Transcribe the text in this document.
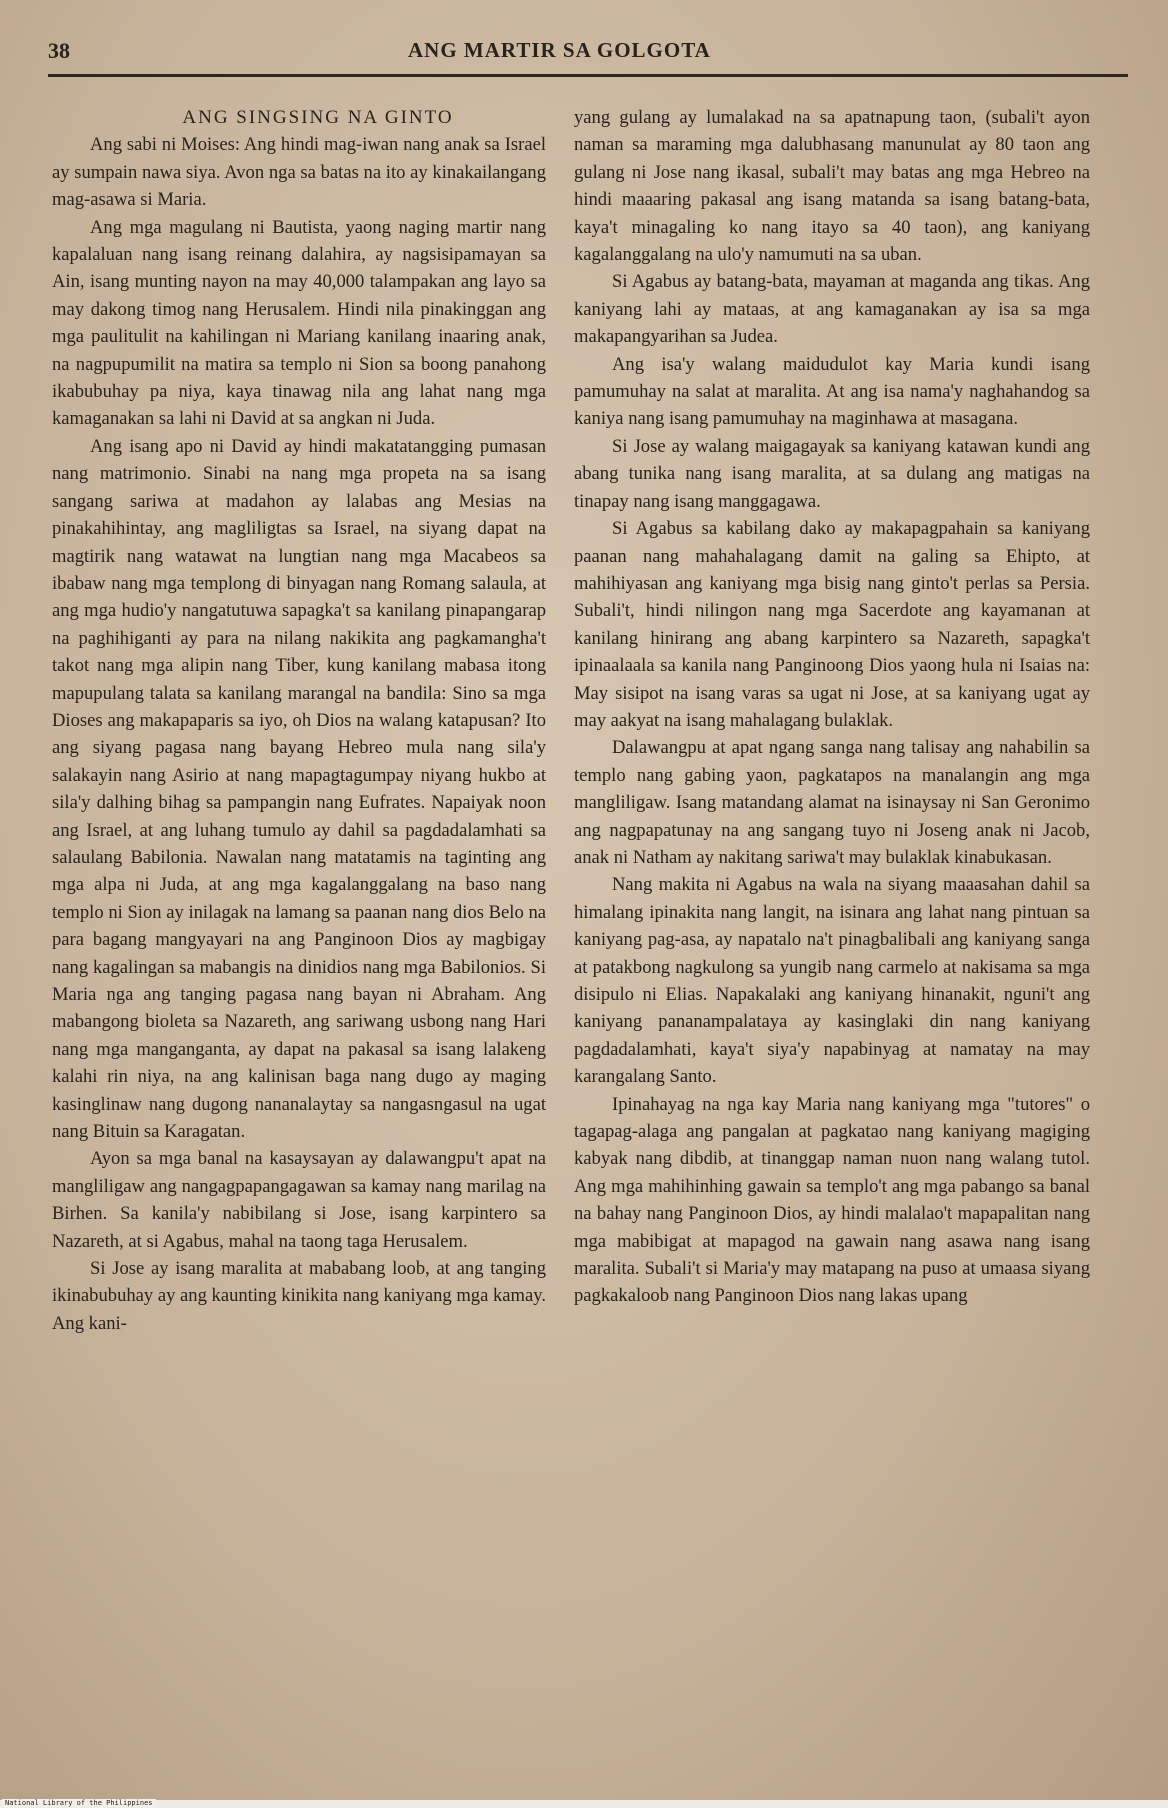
38	ANG MARTIR SA GOLGOTA

ANG SINGSING NA GINTO

Ang sabi ni Moises: Ang hindi mag-iwan nang anak sa Israel ay sumpain nawa siya. Avon nga sa batas na ito ay kinakailangang mag-asawa si Maria.

Ang mga magulang ni Bautista, yaong naging martir nang kapalaluan nang isang reinang dalahira, ay nagsisipamayan sa Ain, isang munting nayon na may 40,000 talampakan ang layo sa may dakong timog nang Herusalem. Hindi nila pinakinggan ang mga paulitulit na kahilingan ni Mariang kanilang inaaring anak, na nagpupumilit na matira sa templo ni Sion sa boong panahong ikabubuhay pa niya, kaya tinawag nila ang lahat nang mga kamaganakan sa lahi ni David at sa angkan ni Juda.

Ang isang apo ni David ay hindi makatatangging pumasan nang matrimonio. Sinabi na nang mga propeta na sa isang sangang sariwa at madahon ay lalabas ang Mesias na pinakahihintay, ang magliligtas sa Israel, na siyang dapat na magtirik nang watawat na lungtian nang mga Macabeos sa ibabaw nang mga templong di binyagan nang Romang salaula, at ang mga hudio'y nangatutuwa sapagka't sa kanilang pinapangarap na paghihiganti ay para na nilang nakikita ang pagkamangha't takot nang mga alipin nang Tiber, kung kanilang mabasa itong mapupulang talata sa kanilang marangal na bandila: Sino sa mga Dioses ang makapaparis sa iyo, oh Dios na walang katapusan? Ito ang siyang pagasa nang bayang Hebreo mula nang sila'y salakayin nang Asirio at nang mapagtagumpay niyang hukbo at sila'y dalhing bihag sa pampangin nang Eufrates. Napaiyak noon ang Israel, at ang luhang tumulo ay dahil sa pagdadalamhati sa salaulang Babilonia. Nawalan nang matatamis na taginting ang mga alpa ni Juda, at ang mga kagalanggalang na baso nang templo ni Sion ay inilagak na lamang sa paanan nang dios Belo na para bagang mangyayari na ang Panginoon Dios ay magbigay nang kagalingan sa mabangis na dinidios nang mga Babilonios. Si Maria nga ang tanging pagasa nang bayan ni Abraham. Ang mabangong bioleta sa Nazareth, ang sariwang usbong nang Hari nang mga manganganta, ay dapat na pakasal sa isang lalakeng kalahi rin niya, na ang kalinisan baga nang dugo ay maging kasinglinaw nang dugong nananalaytay sa nangasngasul na ugat nang Bituin sa Karagatan.

Ayon sa mga banal na kasaysayan ay dalawangpu't apat na mangliligaw ang nangagpapangagawan sa kamay nang marilag na Birhen. Sa kanila'y nabibilang si Jose, isang karpintero sa Nazareth, at si Agabus, mahal na taong taga Herusalem.

Si Jose ay isang maralita at mababang loob, at ang tanging ikinabubuhay ay ang kaunting kinikita nang kaniyang mga kamay. Ang kani-

yang gulang ay lumalakad na sa apatnapung taon, (subali't ayon naman sa maraming mga dalubhasang manunulat ay 80 taon ang gulang ni Jose nang ikasal, subali't may batas ang mga Hebreo na hindi maaaring pakasal ang isang matanda sa isang batang-bata, kaya't minagaling ko nang itayo sa 40 taon), ang kaniyang kagalanggalang na ulo'y namumuti na sa uban.

Si Agabus ay batang-bata, mayaman at maganda ang tikas. Ang kaniyang lahi ay mataas, at ang kamaganakan ay isa sa mga makapangyarihan sa Judea.

Ang isa'y walang maidudulot kay Maria kundi isang pamumuhay na salat at maralita. At ang isa nama'y naghahandog sa kaniya nang isang pamumuhay na maginhawa at masagana.

Si Jose ay walang maigagayak sa kaniyang katawan kundi ang abang tunika nang isang maralita, at sa dulang ang matigas na tinapay nang isang manggagawa.

Si Agabus sa kabilang dako ay makapagpahain sa kaniyang paanan nang mahahalagang damit na galing sa Ehipto, at mahihiyasan ang kaniyang mga bisig nang ginto't perlas sa Persia. Subali't, hindi nilingon nang mga Sacerdote ang kayamanan at kanilang hinirang ang abang karpintero sa Nazareth, sapagka't ipinaalaala sa kanila nang Panginoong Dios yaong hula ni Isaias na: May sisipot na isang varas sa ugat ni Jose, at sa kaniyang ugat ay may aakyat na isang mahalagang bulaklak.

Dalawangpu at apat ngang sanga nang talisay ang nahabilin sa templo nang gabing yaon, pagkatapos na manalangin ang mga mangliligaw. Isang matandang alamat na isinaysay ni San Geronimo ang nagpapatunay na ang sangang tuyo ni Joseng anak ni Jacob, anak ni Natham ay nakitang sariwa't may bulaklak kinabukasan.

Nang makita ni Agabus na wala na siyang maaasahan dahil sa himalang ipinakita nang langit, na isinara ang lahat nang pintuan sa kaniyang pag-asa, ay napatalo na't pinagbalibali ang kaniyang sanga at patakbong nagkulong sa yungib nang carmelo at nakisama sa mga disipulo ni Elias. Napakalaki ang kaniyang hinanakit, nguni't ang kaniyang pananampalataya ay kasinglaki din nang kaniyang pagdadalamhati, kaya't siya'y napabinyag at namatay na may karangalang Santo.

Ipinahayag na nga kay Maria nang kaniyang mga "tutores" o tagapag-alaga ang pangalan at pagkatao nang kaniyang magiging kabyak nang dibdib, at tinanggap naman nuon nang walang tutol. Ang mga mahihinhing gawain sa templo't ang mga pabango sa banal na bahay nang Panginoon Dios, ay hindi malalao't mapapalitan nang mga mabibigat at mapagod na gawain nang asawa nang isang maralita. Subali't si Maria'y may matapang na puso at umaasa siyang pagkakaloob nang Panginoon Dios nang lakas upang

National Library of the Philippines
